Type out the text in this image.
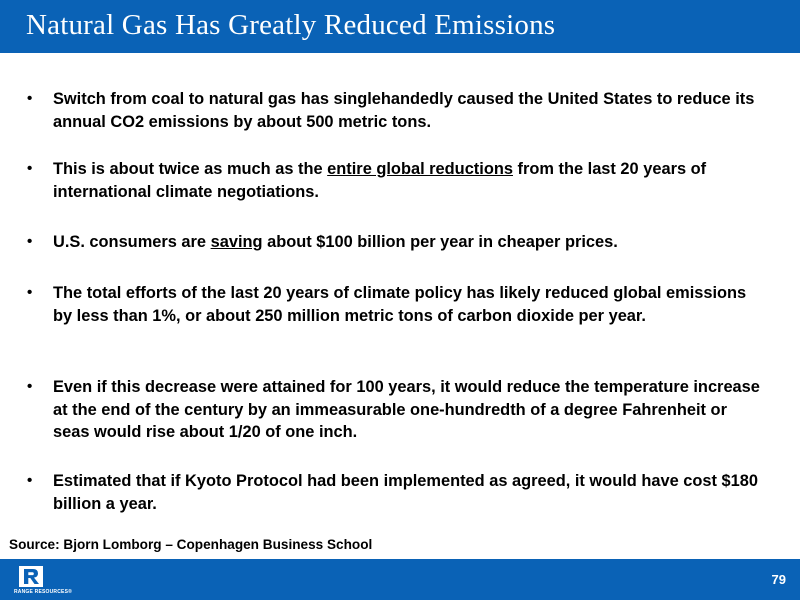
Natural Gas Has Greatly Reduced Emissions
• Switch from coal to natural gas has singlehandedly caused the United States to reduce its annual CO2 emissions by about 500 metric tons.
• This is about twice as much as the entire global reductions from the last 20 years of international climate negotiations.
• U.S. consumers are saving about $100 billion per year in cheaper prices.
• The total efforts of the last 20 years of climate policy has likely reduced global emissions by less than 1%, or about 250 million metric tons of carbon dioxide per year.
• Even if this decrease were attained for 100 years, it would reduce the temperature increase at the end of the century by an immeasurable one-hundredth of a degree Fahrenheit or seas would rise about 1/20 of one inch.
• Estimated that if Kyoto Protocol had been implemented as agreed, it would have cost $180 billion a year.
Source: Bjorn Lomborg – Copenhagen Business School
RANGE RESOURCES®
79
